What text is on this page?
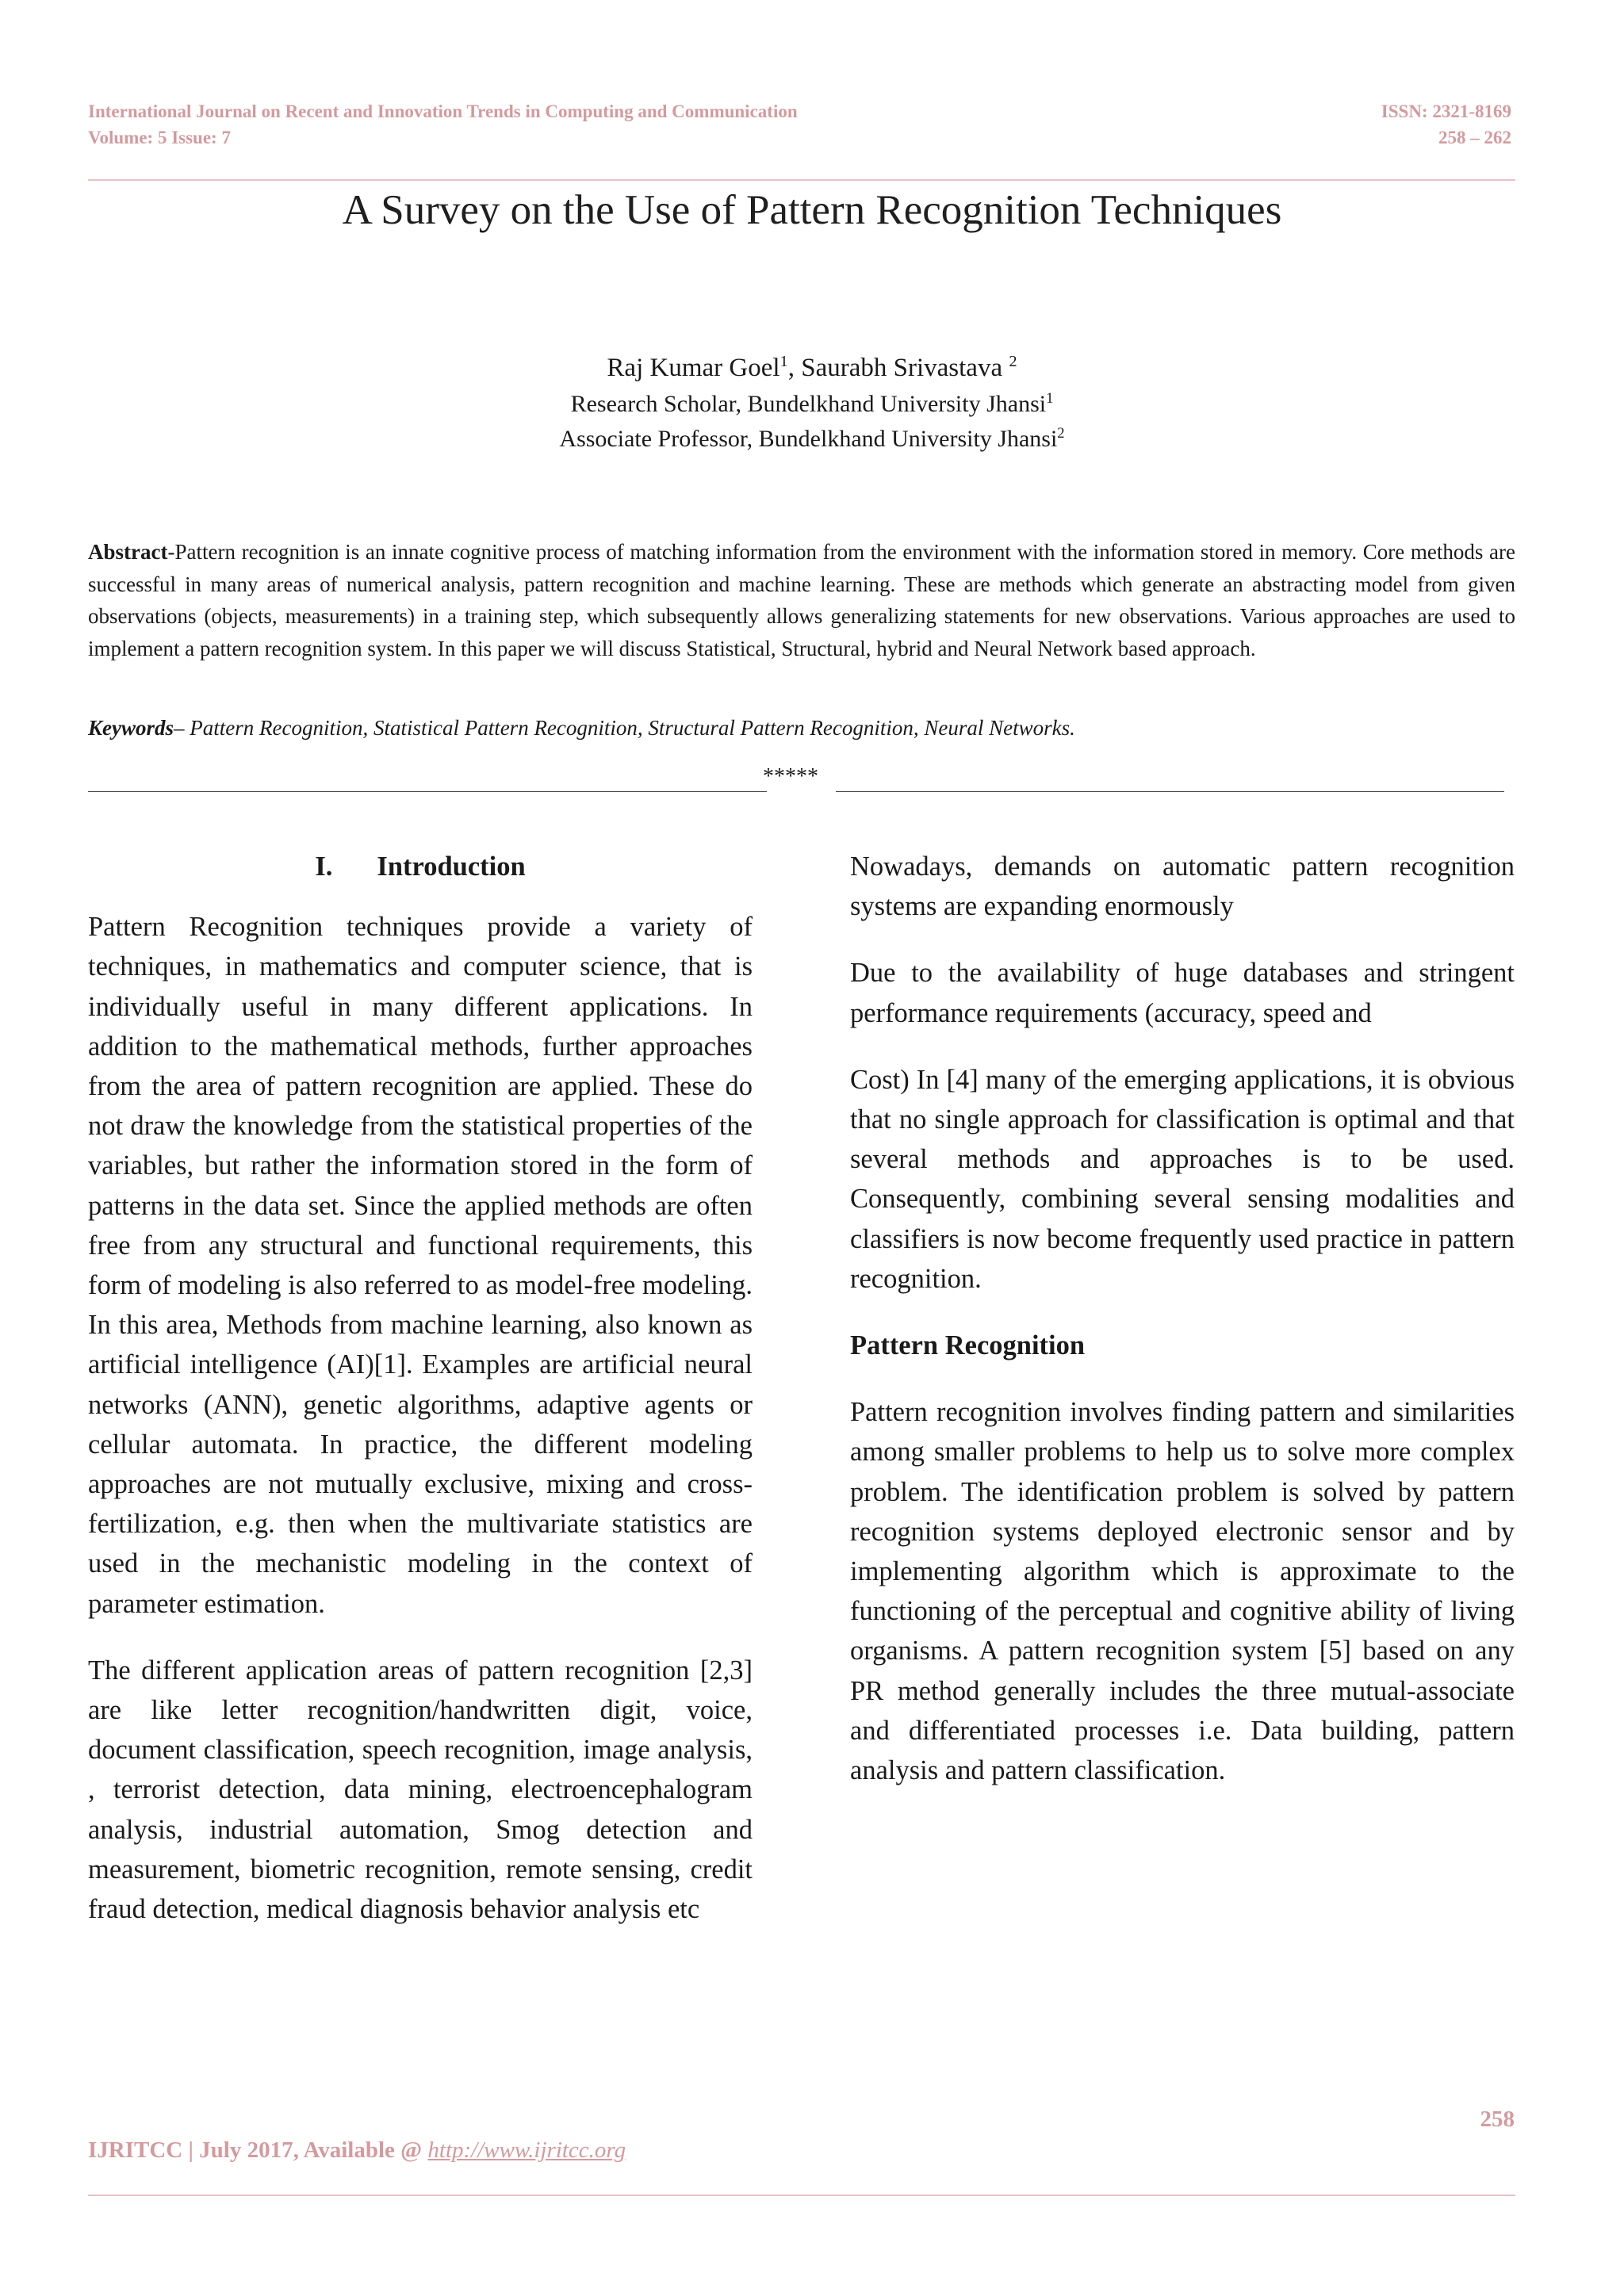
International Journal on Recent and Innovation Trends in Computing and Communication
Volume: 5 Issue: 7
ISSN: 2321-8169
258 – 262
A Survey on the Use of Pattern Recognition Techniques
Raj Kumar Goel$^1$, Saurabh Srivastava $^2$
Research Scholar, Bundelkhand University Jhansi$^1$
Associate Professor, Bundelkhand University Jhansi$^2$
Abstract-Pattern recognition is an innate cognitive process of matching information from the environment with the information stored in memory. Core methods are successful in many areas of numerical analysis, pattern recognition and machine learning. These are methods which generate an abstracting model from given observations (objects, measurements) in a training step, which subsequently allows generalizing statements for new observations. Various approaches are used to implement a pattern recognition system. In this paper we will discuss Statistical, Structural, hybrid and Neural Network based approach.
Keywords– Pattern Recognition, Statistical Pattern Recognition, Structural Pattern Recognition, Neural Networks.
*****

I. Introduction

Pattern Recognition techniques provide a variety of techniques, in mathematics and computer science, that is individually useful in many different applications. In addition to the mathematical methods, further approaches from the area of pattern recognition are applied. These do not draw the knowledge from the statistical properties of the variables, but rather the information stored in the form of patterns in the data set. Since the applied methods are often free from any structural and functional requirements, this form of modeling is also referred to as model-free modeling. In this area, Methods from machine learning, also known as artificial intelligence (AI)[1]. Examples are artificial neural networks (ANN), genetic algorithms, adaptive agents or cellular automata. In practice, the different modeling approaches are not mutually exclusive, mixing and cross-fertilization, e.g. then when the multivariate statistics are used in the mechanistic modeling in the context of parameter estimation.

The different application areas of pattern recognition [2,3] are like letter recognition/handwritten digit, voice, document classification, speech recognition, image analysis, , terrorist detection, data mining, electroencephalogram analysis, industrial automation, Smog detection and measurement, biometric recognition, remote sensing, credit fraud detection, medical diagnosis behavior analysis etc

Nowadays, demands on automatic pattern recognition systems are expanding enormously

Due to the availability of huge databases and stringent performance requirements (accuracy, speed and

Cost) In [4] many of the emerging applications, it is obvious that no single approach for classification is optimal and that several methods and approaches is to be used. Consequently, combining several sensing modalities and classifiers is now become frequently used practice in pattern recognition.

Pattern Recognition

Pattern recognition involves finding pattern and similarities among smaller problems to help us to solve more complex problem. The identification problem is solved by pattern recognition systems deployed electronic sensor and by implementing algorithm which is approximate to the functioning of the perceptual and cognitive ability of living organisms. A pattern recognition system [5] based on any PR method generally includes the three mutual-associate and differentiated processes i.e. Data building, pattern analysis and pattern classification.

258
IJRITCC | July 2017, Available @ http://www.ijritcc.org
